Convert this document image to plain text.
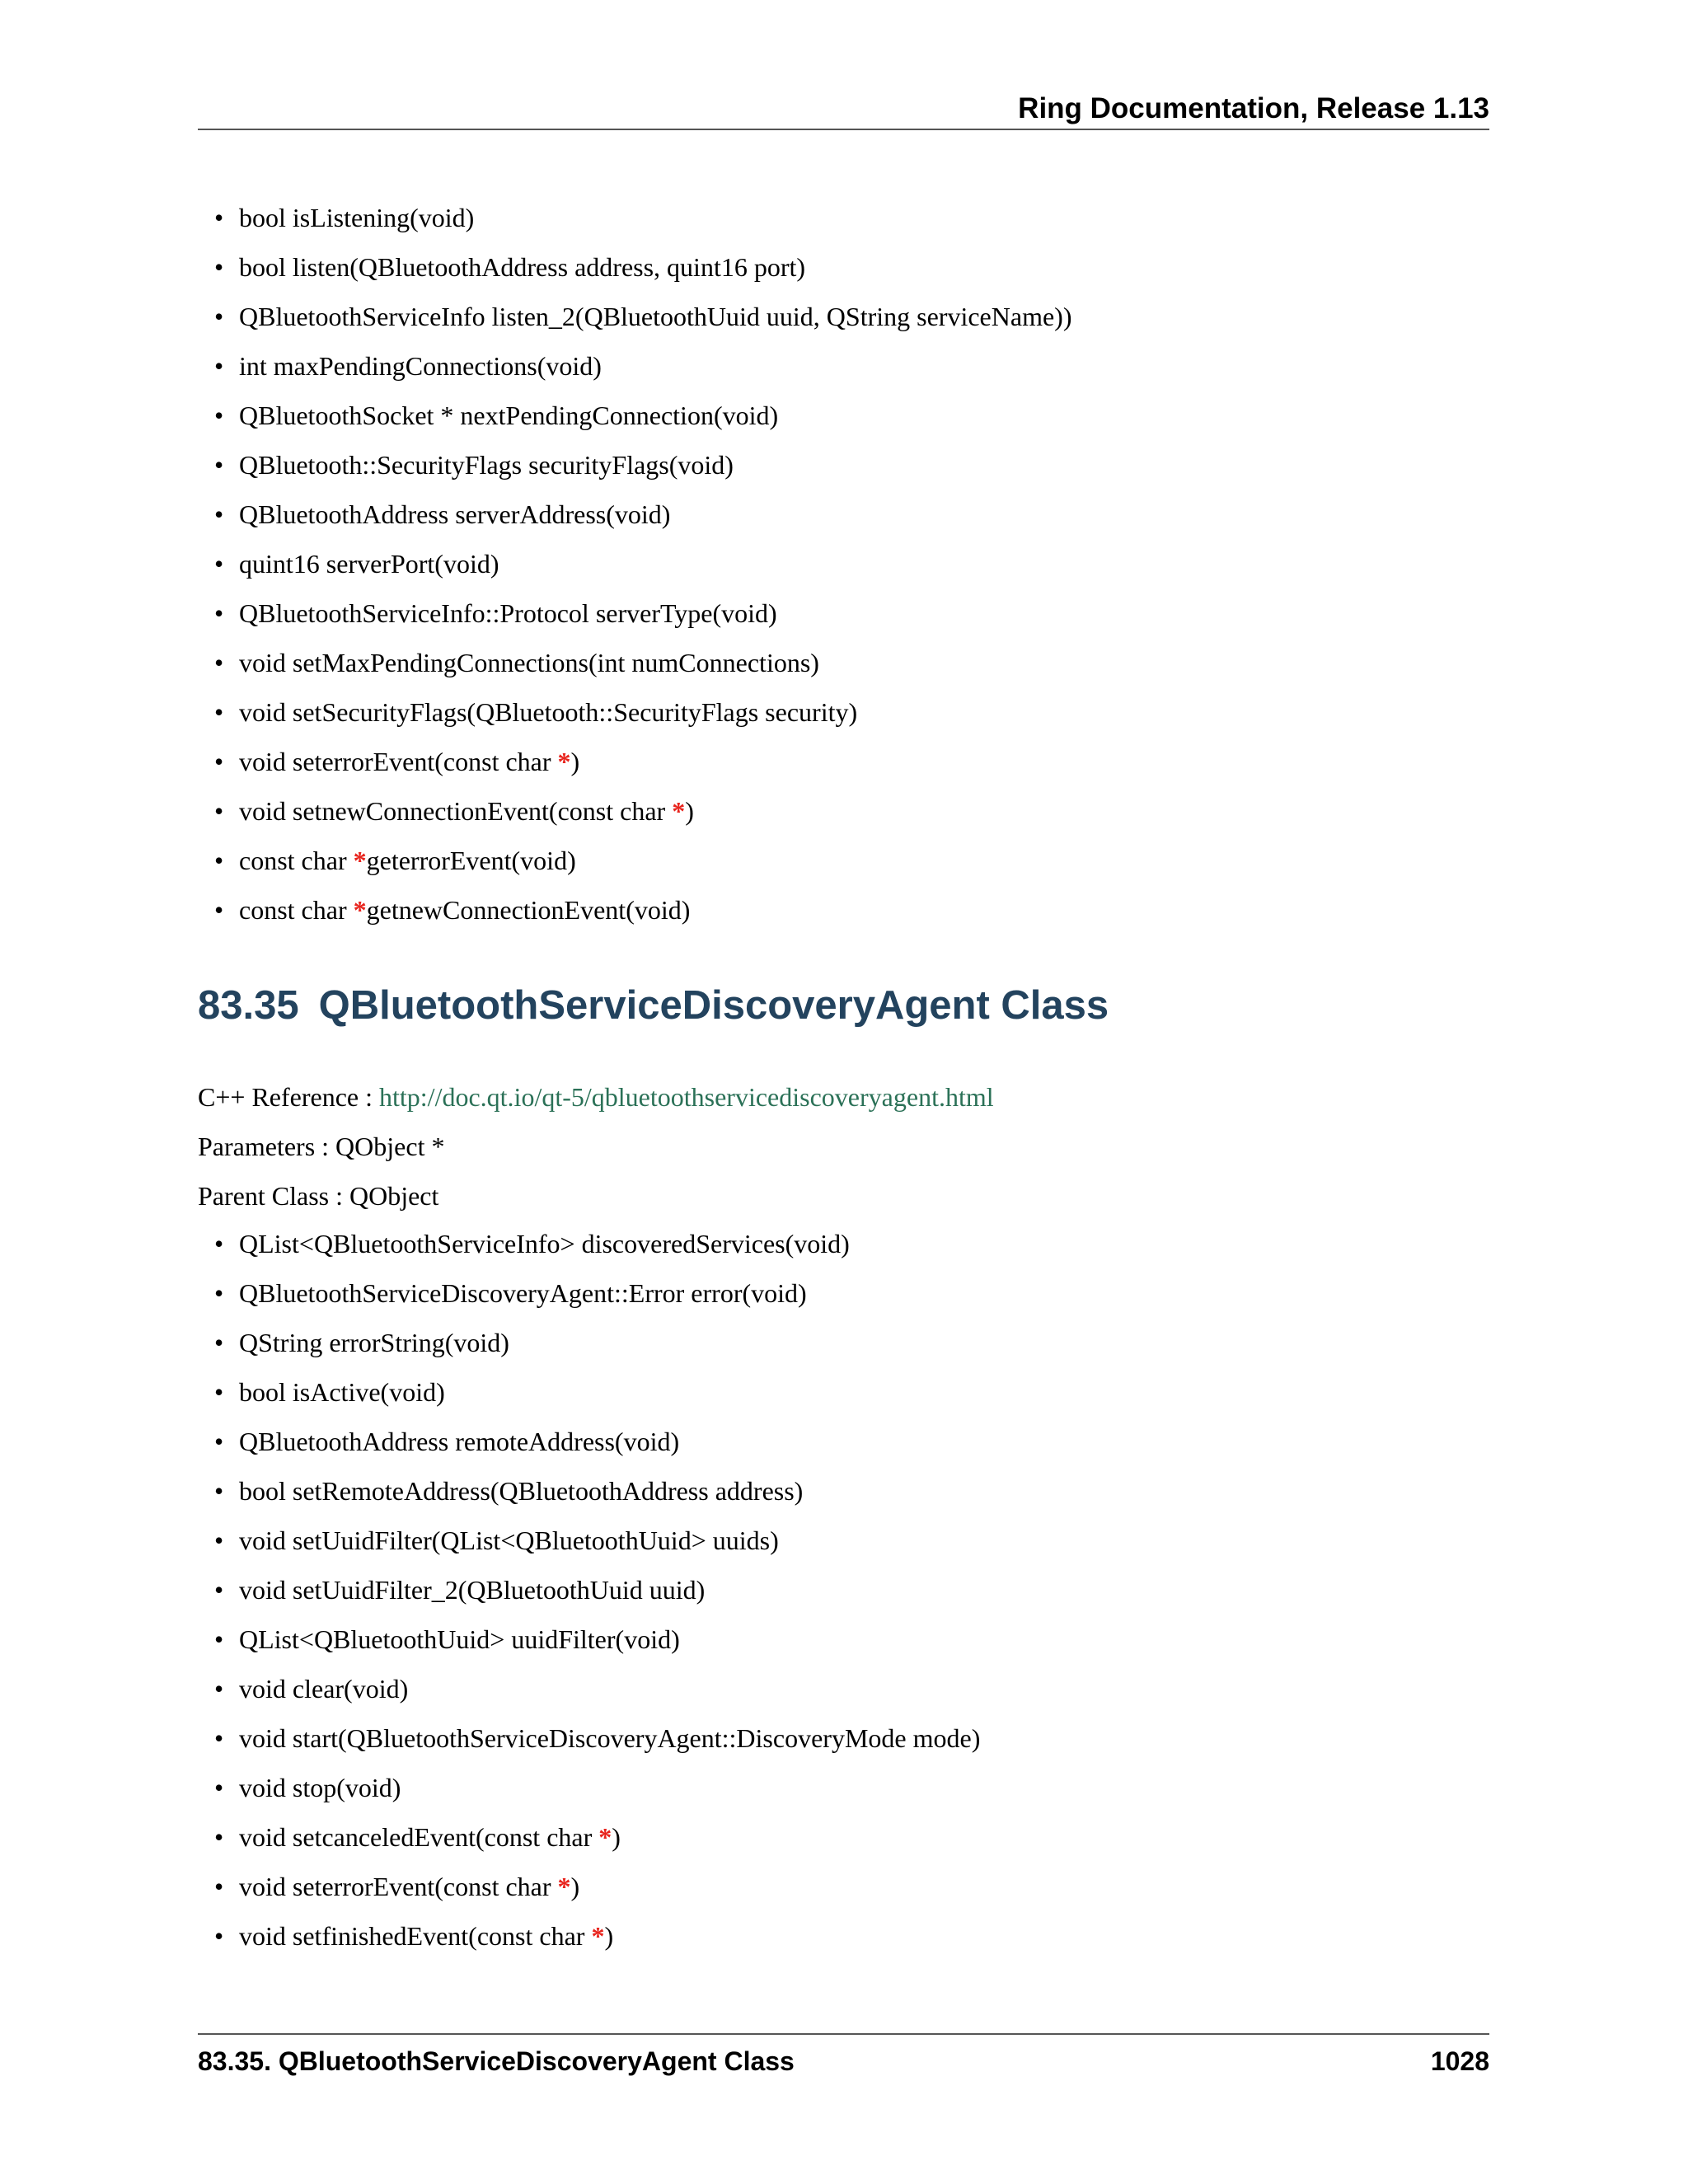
Ring Documentation, Release 1.13
• bool isListening(void)
• bool listen(QBluetoothAddress address, quint16 port)
• QBluetoothServiceInfo listen_2(QBluetoothUuid uuid, QString serviceName))
• int maxPendingConnections(void)
• QBluetoothSocket * nextPendingConnection(void)
• QBluetooth::SecurityFlags securityFlags(void)
• QBluetoothAddress serverAddress(void)
• quint16 serverPort(void)
• QBluetoothServiceInfo::Protocol serverType(void)
• void setMaxPendingConnections(int numConnections)
• void setSecurityFlags(QBluetooth::SecurityFlags security)
• void seterrorEvent(const char *)
• void setnewConnectionEvent(const char *)
• const char *geterrorEvent(void)
• const char *getnewConnectionEvent(void)
83.35 QBluetoothServiceDiscoveryAgent Class
C++ Reference : http://doc.qt.io/qt-5/qbluetoothservicediscoveryagent.html
Parameters : QObject *
Parent Class : QObject
• QList<QBluetoothServiceInfo> discoveredServices(void)
• QBluetoothServiceDiscoveryAgent::Error error(void)
• QString errorString(void)
• bool isActive(void)
• QBluetoothAddress remoteAddress(void)
• bool setRemoteAddress(QBluetoothAddress address)
• void setUuidFilter(QList<QBluetoothUuid> uuids)
• void setUuidFilter_2(QBluetoothUuid uuid)
• QList<QBluetoothUuid> uuidFilter(void)
• void clear(void)
• void start(QBluetoothServiceDiscoveryAgent::DiscoveryMode mode)
• void stop(void)
• void setcanceledEvent(const char *)
• void seterrorEvent(const char *)
• void setfinishedEvent(const char *)
83.35. QBluetoothServiceDiscoveryAgent Class	1028
